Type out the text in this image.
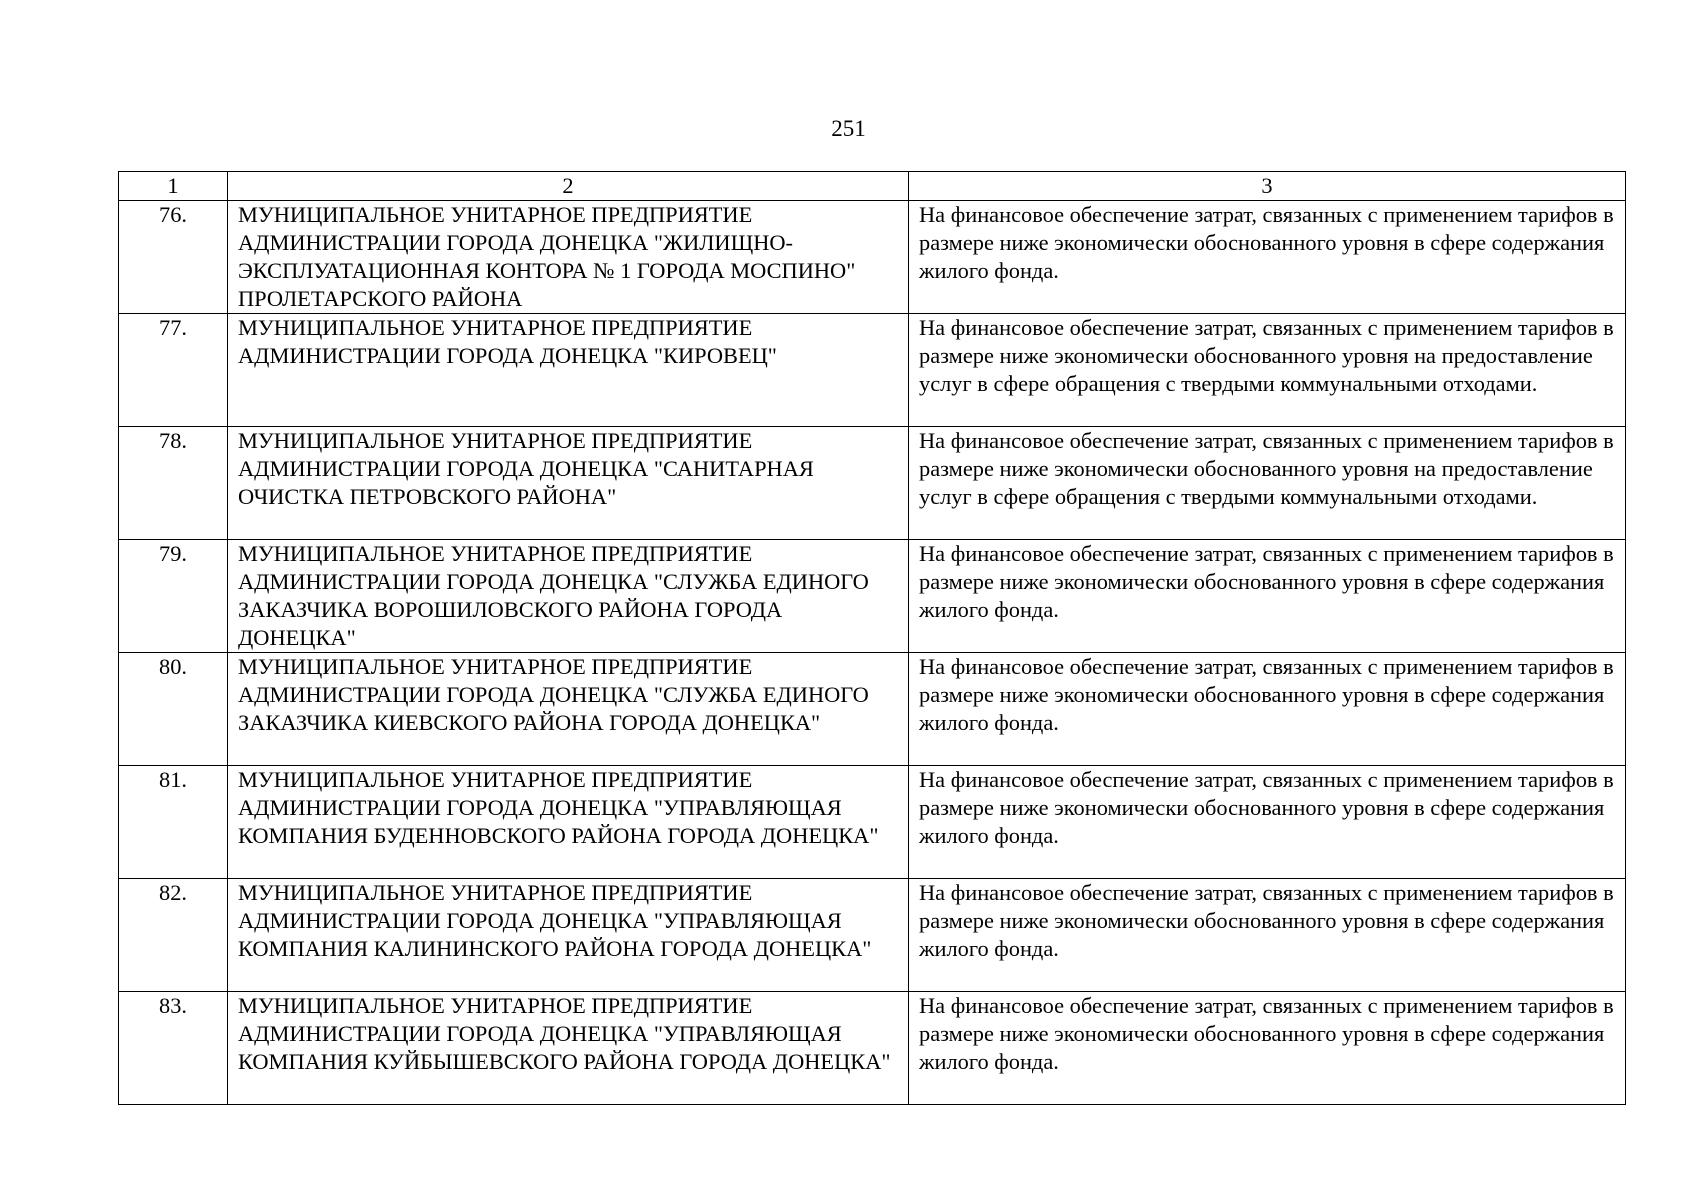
251
1	2	3
76.	МУНИЦИПАЛЬНОЕ УНИТАРНОЕ ПРЕДПРИЯТИЕ АДМИНИСТРАЦИИ ГОРОДА ДОНЕЦКА "ЖИЛИЩНО-ЭКСПЛУАТАЦИОННАЯ КОНТОРА № 1 ГОРОДА МОСПИНО" ПРОЛЕТАРСКОГО РАЙОНА	На финансовое обеспечение затрат, связанных с применением тарифов в размере ниже экономически обоснованного уровня в сфере содержания жилого фонда.
77.	МУНИЦИПАЛЬНОЕ УНИТАРНОЕ ПРЕДПРИЯТИЕ АДМИНИСТРАЦИИ ГОРОДА ДОНЕЦКА "КИРОВЕЦ"	На финансовое обеспечение затрат, связанных с применением тарифов в размере ниже экономически обоснованного уровня на предоставление услуг в сфере обращения с твердыми коммунальными отходами.
78.	МУНИЦИПАЛЬНОЕ УНИТАРНОЕ ПРЕДПРИЯТИЕ АДМИНИСТРАЦИИ ГОРОДА ДОНЕЦКА "САНИТАРНАЯ ОЧИСТКА ПЕТРОВСКОГО РАЙОНА"	На финансовое обеспечение затрат, связанных с применением тарифов в размере ниже экономически обоснованного уровня на предоставление услуг в сфере обращения с твердыми коммунальными отходами.
79.	МУНИЦИПАЛЬНОЕ УНИТАРНОЕ ПРЕДПРИЯТИЕ АДМИНИСТРАЦИИ ГОРОДА ДОНЕЦКА "СЛУЖБА ЕДИНОГО ЗАКАЗЧИКА ВОРОШИЛОВСКОГО РАЙОНА ГОРОДА ДОНЕЦКА"	На финансовое обеспечение затрат, связанных с применением тарифов в размере ниже экономически обоснованного уровня в сфере содержания жилого фонда.
80.	МУНИЦИПАЛЬНОЕ УНИТАРНОЕ ПРЕДПРИЯТИЕ АДМИНИСТРАЦИИ ГОРОДА ДОНЕЦКА "СЛУЖБА ЕДИНОГО ЗАКАЗЧИКА КИЕВСКОГО РАЙОНА ГОРОДА ДОНЕЦКА"	На финансовое обеспечение затрат, связанных с применением тарифов в размере ниже экономически обоснованного уровня в сфере содержания жилого фонда.
81.	МУНИЦИПАЛЬНОЕ УНИТАРНОЕ ПРЕДПРИЯТИЕ АДМИНИСТРАЦИИ ГОРОДА ДОНЕЦКА "УПРАВЛЯЮЩАЯ КОМПАНИЯ БУДЕННОВСКОГО РАЙОНА ГОРОДА ДОНЕЦКА"	На финансовое обеспечение затрат, связанных с применением тарифов в размере ниже экономически обоснованного уровня в сфере содержания жилого фонда.
82.	МУНИЦИПАЛЬНОЕ УНИТАРНОЕ ПРЕДПРИЯТИЕ АДМИНИСТРАЦИИ ГОРОДА ДОНЕЦКА "УПРАВЛЯЮЩАЯ КОМПАНИЯ КАЛИНИНСКОГО РАЙОНА ГОРОДА ДОНЕЦКА"	На финансовое обеспечение затрат, связанных с применением тарифов в размере ниже экономически обоснованного уровня в сфере содержания жилого фонда.
83.	МУНИЦИПАЛЬНОЕ УНИТАРНОЕ ПРЕДПРИЯТИЕ АДМИНИСТРАЦИИ ГОРОДА ДОНЕЦКА "УПРАВЛЯЮЩАЯ КОМПАНИЯ КУЙБЫШЕВСКОГО РАЙОНА ГОРОДА ДОНЕЦКА"	На финансовое обеспечение затрат, связанных с применением тарифов в размере ниже экономически обоснованного уровня в сфере содержания жилого фонда.
